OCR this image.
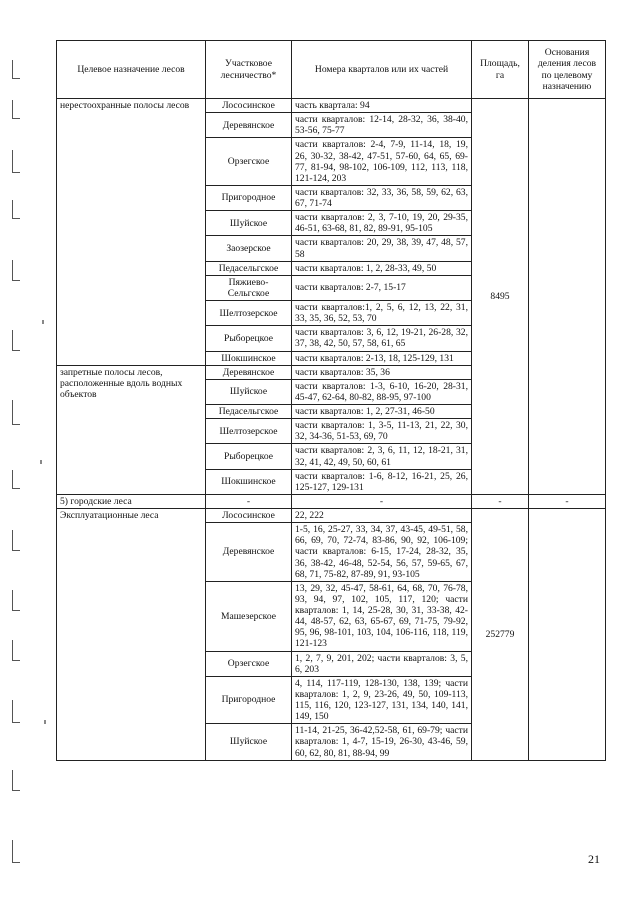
Целевое назначение лесов	Участковое лесничество*	Номера кварталов или их частей	Площадь, га	Основания деления лесов по целевому назначению
нерестоохранные полосы лесов	Лососинское	часть квартала: 94	8495	
	Деревянское	части кварталов: 12-14, 28-32, 36, 38-40, 53-56, 75-77		
	Орзегское	части кварталов: 2-4, 7-9, 11-14, 18, 19, 26, 30-32, 38-42, 47-51, 57-60, 64, 65, 69-77, 81-94, 98-102, 106-109, 112, 113, 118, 121-124, 203		
	Пригородное	части кварталов: 32, 33, 36, 58, 59, 62, 63, 67, 71-74		
	Шуйское	части кварталов: 2, 3, 7-10, 19, 20, 29-35, 46-51, 63-68, 81, 82, 89-91, 95-105		
	Заозерское	части кварталов: 20, 29, 38, 39, 47, 48, 57, 58		
	Педасельгское	части кварталов: 1, 2, 28-33, 49, 50		
	Пяжиево-Сельгское	части кварталов: 2-7, 15-17		
	Шелтозерское	части кварталов:1, 2, 5, 6, 12, 13, 22, 31, 33, 35, 36, 52, 53, 70		
	Рыборецкое	части кварталов: 3, 6, 12, 19-21, 26-28, 32, 37, 38, 42, 50, 57, 58, 61, 65		
	Шокшинское	части кварталов: 2-13, 18, 125-129, 131		
запретные полосы лесов, расположенные вдоль водных объектов	Деревянское	части кварталов: 35, 36		
	Шуйское	части кварталов: 1-3, 6-10, 16-20, 28-31, 45-47, 62-64, 80-82, 88-95, 97-100		
	Педасельгское	части кварталов: 1, 2, 27-31, 46-50		
	Шелтозерское	части кварталов: 1, 3-5, 11-13, 21, 22, 30, 32, 34-36, 51-53, 69, 70		
	Рыборецкое	части кварталов: 2, 3, 6, 11, 12, 18-21, 31, 32, 41, 42, 49, 50, 60, 61		
	Шокшинское	части кварталов: 1-6, 8-12, 16-21, 25, 26, 125-127, 129-131		
5) городские леса	-	-	-	-
Эксплуатационные леса	Лососинское	22, 222	252779	
	Деревянское	1-5, 16, 25-27, 33, 34, 37, 43-45, 49-51, 58, 66, 69, 70, 72-74, 83-86, 90, 92, 106-109; части кварталов: 6-15, 17-24, 28-32, 35, 36, 38-42, 46-48, 52-54, 56, 57, 59-65, 67, 68, 71, 75-82, 87-89, 91, 93-105		
	Машезерское	13, 29, 32, 45-47, 58-61, 64, 68, 70, 76-78, 93, 94, 97, 102, 105, 117, 120; части кварталов: 1, 14, 25-28, 30, 31, 33-38, 42-44, 48-57, 62, 63, 65-67, 69, 71-75, 79-92, 95, 96, 98-101, 103, 104, 106-116, 118, 119, 121-123		
	Орзегское	1, 2, 7, 9, 201, 202; части кварталов: 3, 5, 6, 203		
	Пригородное	4, 114, 117-119, 128-130, 138, 139; части кварталов: 1, 2, 9, 23-26, 49, 50, 109-113, 115, 116, 120, 123-127, 131, 134, 140, 141, 149, 150		
	Шуйское	11-14, 21-25, 36-42,52-58, 61, 69-79; части кварталов: 1, 4-7, 15-19, 26-30, 43-46, 59, 60, 62, 80, 81, 88-94, 99		
21
